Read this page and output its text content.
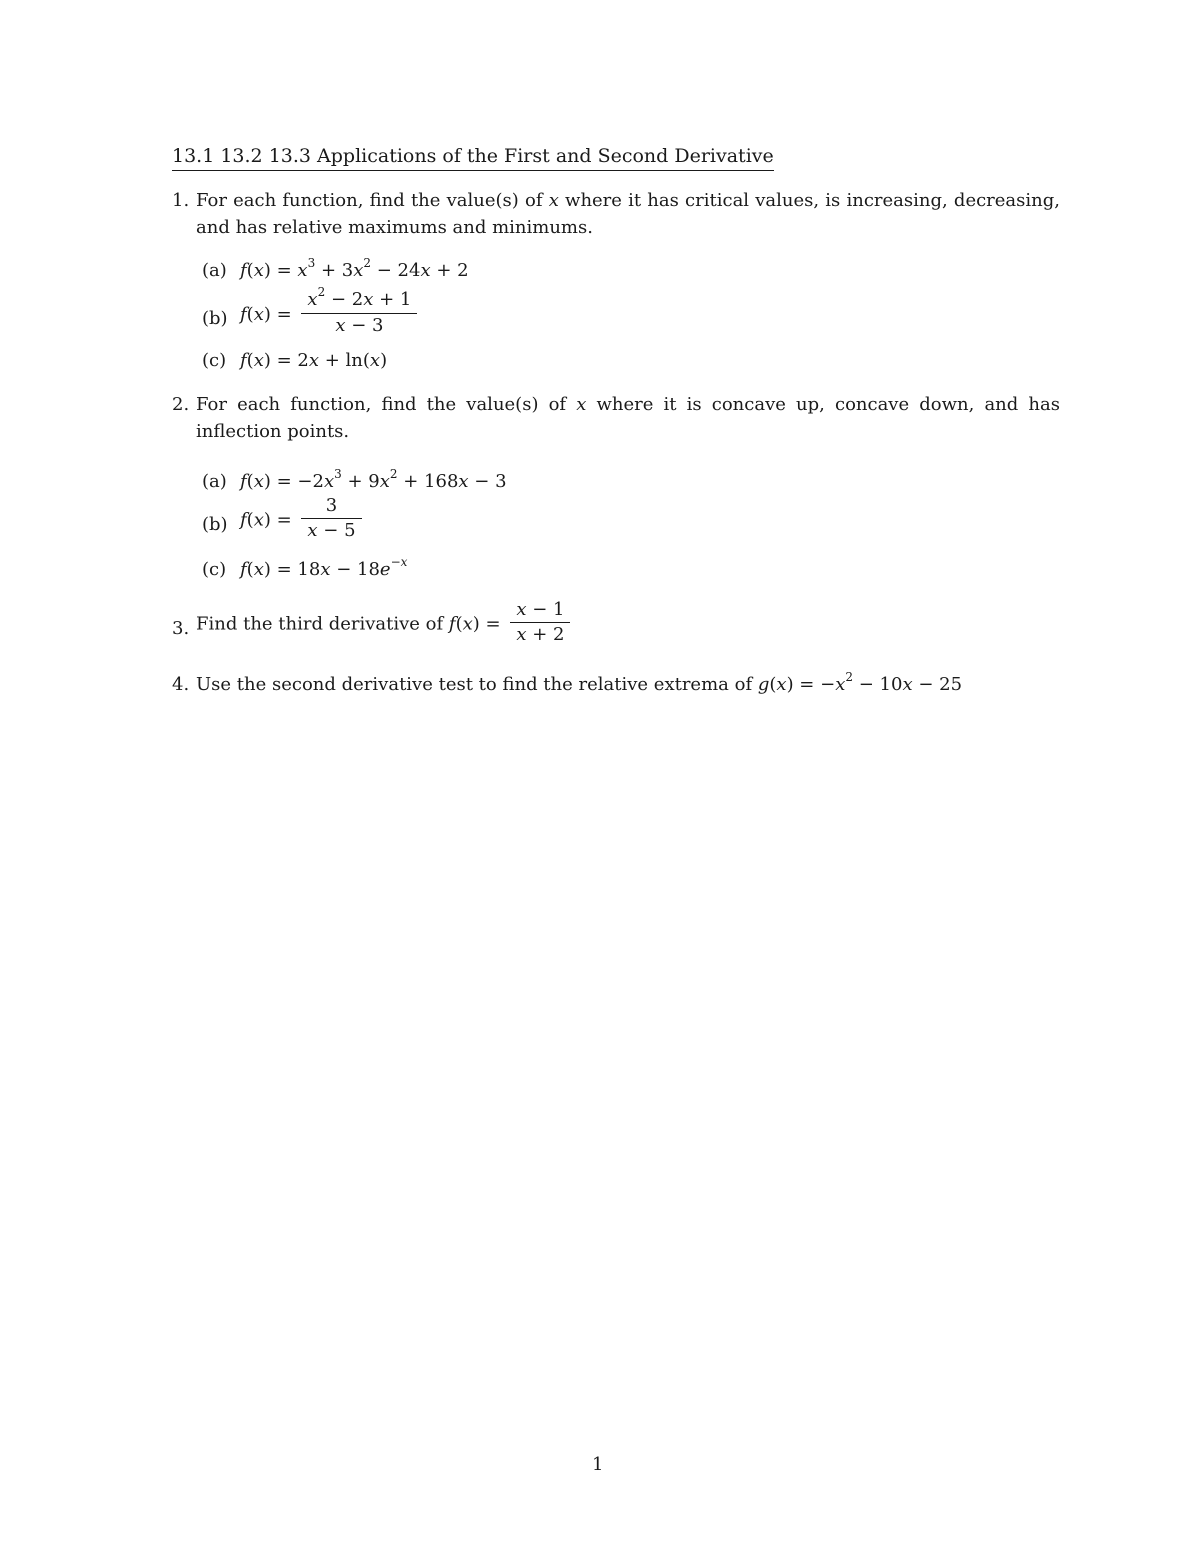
13.1 13.2 13.3 Applications of the First and Second Derivative
1. For each function, find the value(s) of x where it has critical values, is increasing, decreasing, and has relative maximums and minimums.
(a) $f(x) = x^3 + 3x^2 - 24x + 2$
(b) $f(x) = \frac{x^2 - 2x + 1}{x - 3}$
(c) f(x) = 2x + ln(x)
2. For each function, find the value(s) of x where it is concave up, concave down, and has inflection points.
(a) $f(x) = -2x^3 + 9x^2 + 168x - 3$
(b) $f(x) = \frac{3}{x - 5}$
(c) $f(x) = 18x - 18e^{-x}$
3. Find the third derivative of $f(x) = \frac{x - 1}{x + 2}$
4. Use the second derivative test to find the relative extrema of $g(x) = -x^2 - 10x - 25$
1
